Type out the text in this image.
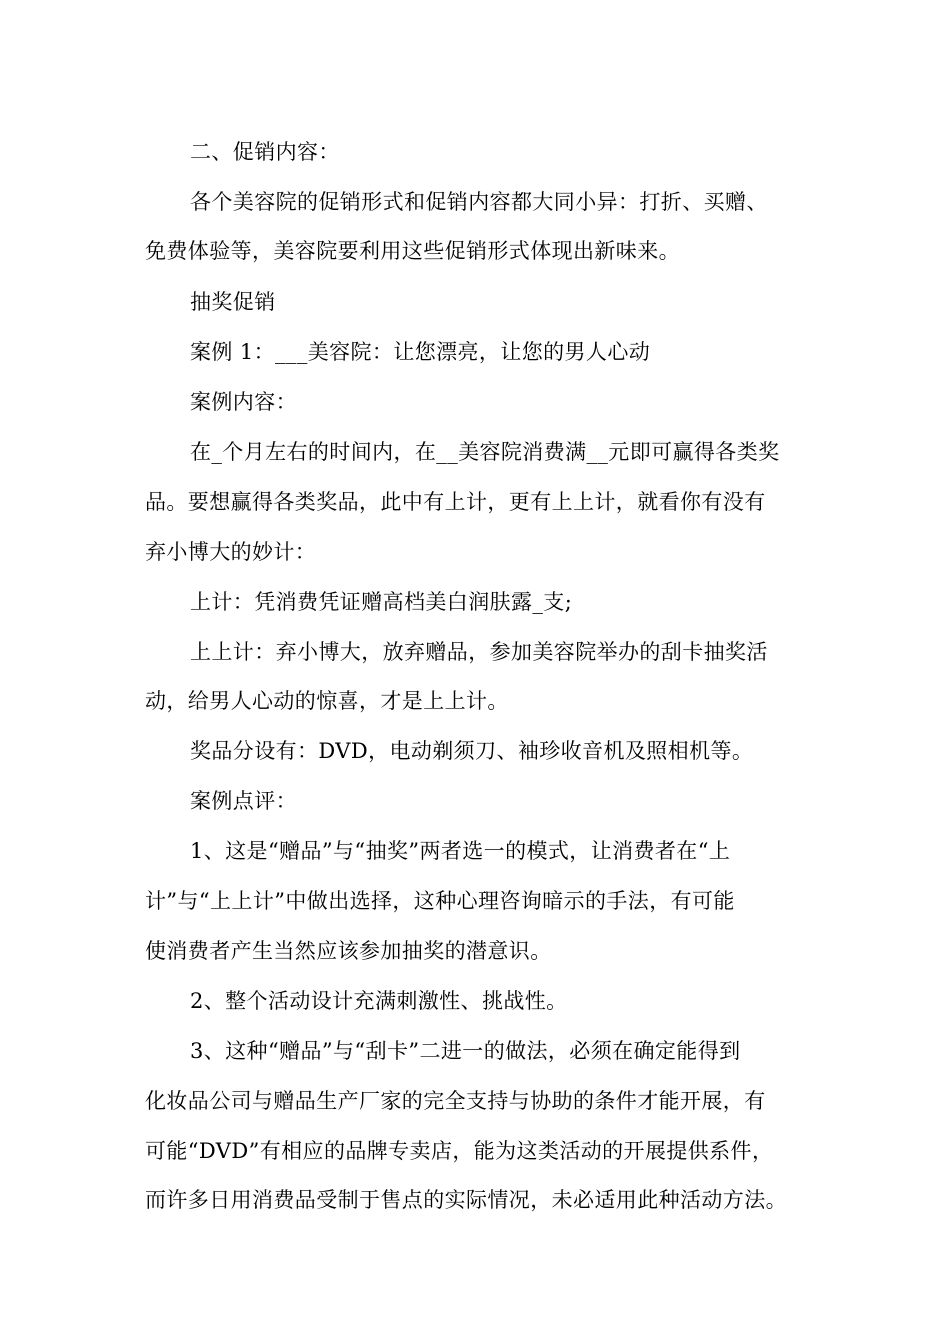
二、促销内容：
各个美容院的促销形式和促销内容都大同小异：打折、买赠、
免费体验等，美容院要利用这些促销形式体现出新味来。
抽奖促销
案例 1：___美容院：让您漂亮，让您的男人心动
案例内容：
在_个月左右的时间内，在__美容院消费满__元即可赢得各类奖
品。要想赢得各类奖品，此中有上计，更有上上计，就看你有没有
弃小博大的妙计：
上计：凭消费凭证赠高档美白润肤露_支;
上上计：弃小博大，放弃赠品，参加美容院举办的刮卡抽奖活
动，给男人心动的惊喜，才是上上计。
奖品分设有：DVD，电动剃须刀、袖珍收音机及照相机等。
案例点评：
1、这是“赠品”与“抽奖”两者选一的模式，让消费者在“上
计”与“上上计”中做出选择，这种心理咨询暗示的手法，有可能
使消费者产生当然应该参加抽奖的潜意识。
2、整个活动设计充满刺激性、挑战性。
3、这种“赠品”与“刮卡”二进一的做法，必须在确定能得到
化妆品公司与赠品生产厂家的完全支持与协助的条件才能开展，有
可能“DVD”有相应的品牌专卖店，能为这类活动的开展提供系件，
而许多日用消费品受制于售点的实际情况，未必适用此种活动方法。
